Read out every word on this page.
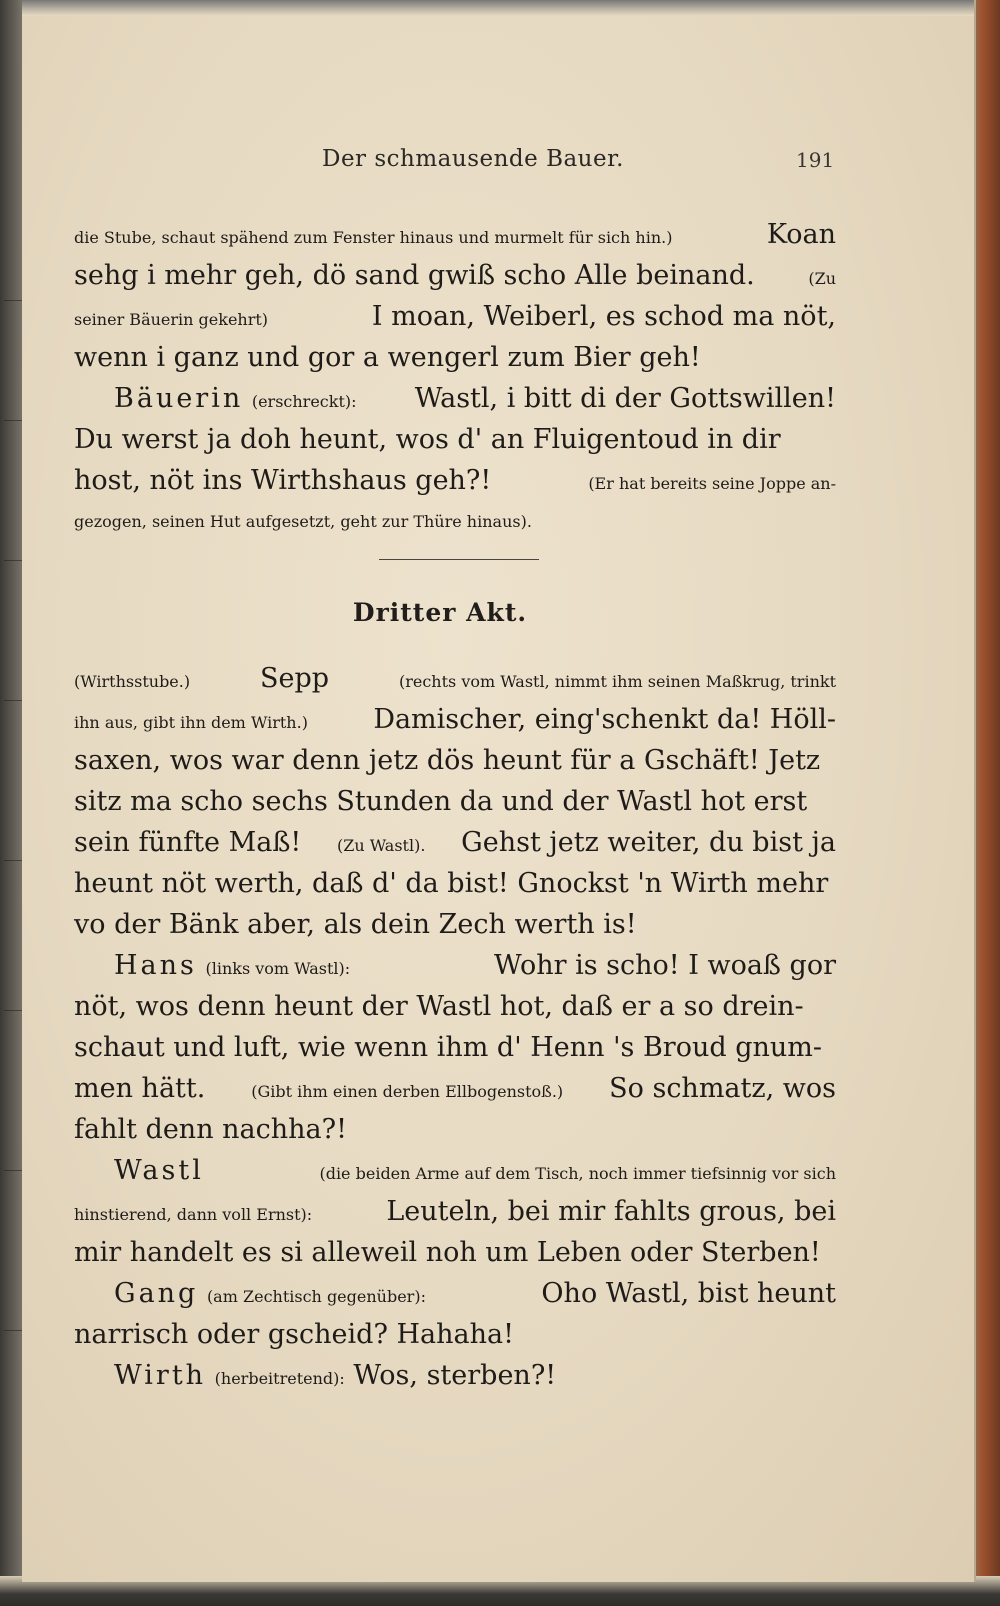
Der schmausende Bauer.	191
die Stube, schaut spähend zum Fenster hinaus und murmelt für sich hin.)	Koan
sehg i mehr geh, dö sand gwiß scho Alle beinand.	(Zu
seiner Bäuerin gekehrt)	I moan, Weiberl, es schod ma nöt,
wenn i ganz und gor a wengerl zum Bier geh!
Bäuerin (erschreckt): Wastl, i bitt di der Gottswillen!
Du werst ja doh heunt, wos d' an Fluigentoud in dir
host, nöt ins Wirthshaus geh?!	(Er hat bereits seine Joppe an-
gezogen, seinen Hut aufgesetzt, geht zur Thüre hinaus).
Dritter Akt.
(Wirthsstube.)	Sepp	(rechts vom Wastl, nimmt ihm seinen Maßkrug, trinkt
ihn aus, gibt ihn dem Wirth.) Damischer, eing'schenkt da! Höll-
saxen, wos war denn jetz dös heunt für a Gschäft! Jetz
sitz ma scho sechs Stunden da und der Wastl hot erst
sein fünfte Maß! (Zu Wastl). Gehst jetz weiter, du bist ja
heunt nöt werth, daß d' da bist! Gnockst 'n Wirth mehr
vo der Bänk aber, als dein Zech werth is!
Hans (links vom Wastl):	Wohr is scho! I woaß gor
nöt, wos denn heunt der Wastl hot, daß er a so drein-
schaut und luft, wie wenn ihm d' Henn 's Broud gnum-
men hätt.	(Gibt ihm einen derben Ellbogenstoß.) So schmatz, wos
fahlt denn nachha?!
Wastl	(die beiden Arme auf dem Tisch, noch immer tiefsinnig vor sich
hinstierend, dann voll Ernst):	Leuteln, bei mir fahlts grous, bei
mir handelt es si alleweil noh um Leben oder Sterben!
Gang (am Zechtisch gegenüber):	Oho Wastl, bist heunt
narrisch oder gscheid? Hahaha!
Wirth
(herbeitretend):
Wos, sterben?!
